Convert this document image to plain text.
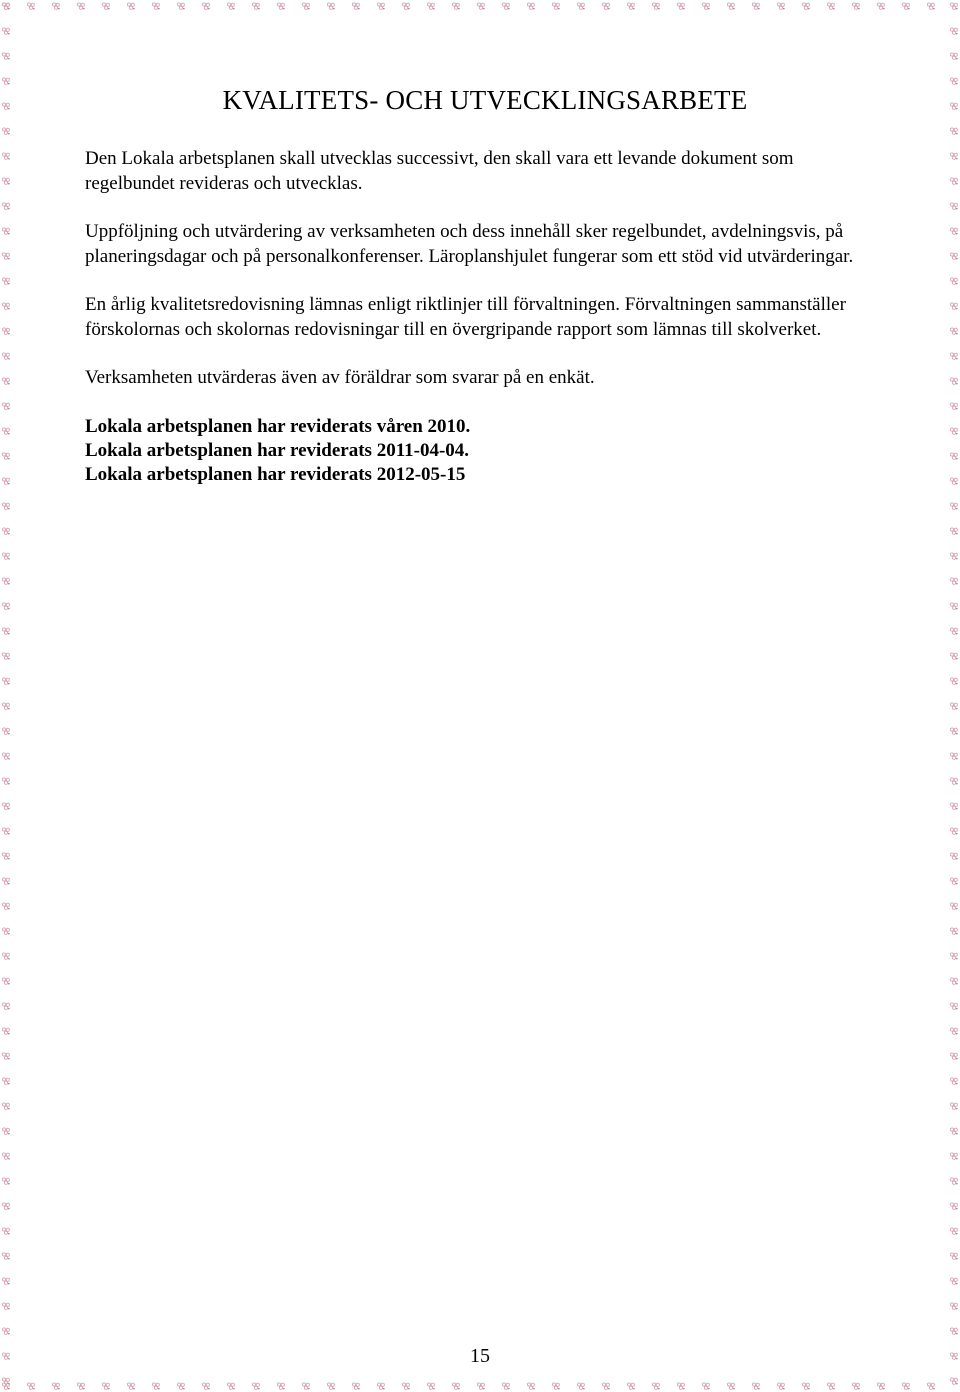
KVALITETS- OCH UTVECKLINGSARBETE

Den Lokala arbetsplanen skall utvecklas successivt, den skall vara ett levande dokument som regelbundet revideras och utvecklas.

Uppföljning och utvärdering av verksamheten och dess innehåll sker regelbundet, avdelningsvis, på planeringsdagar och på personalkonferenser. Läroplanshjulet fungerar som ett stöd vid utvärderingar.

En årlig kvalitetsredovisning lämnas enligt riktlinjer till förvaltningen. Förvaltningen sammanställer förskolornas och skolornas redovisningar till en övergripande rapport som lämnas till skolverket.

Verksamheten utvärderas även av föräldrar som svarar på en enkät.

Lokala arbetsplanen har reviderats våren 2010.

Lokala arbetsplanen har reviderats 2011-04-04.

Lokala arbetsplanen har reviderats 2012-05-15

15
